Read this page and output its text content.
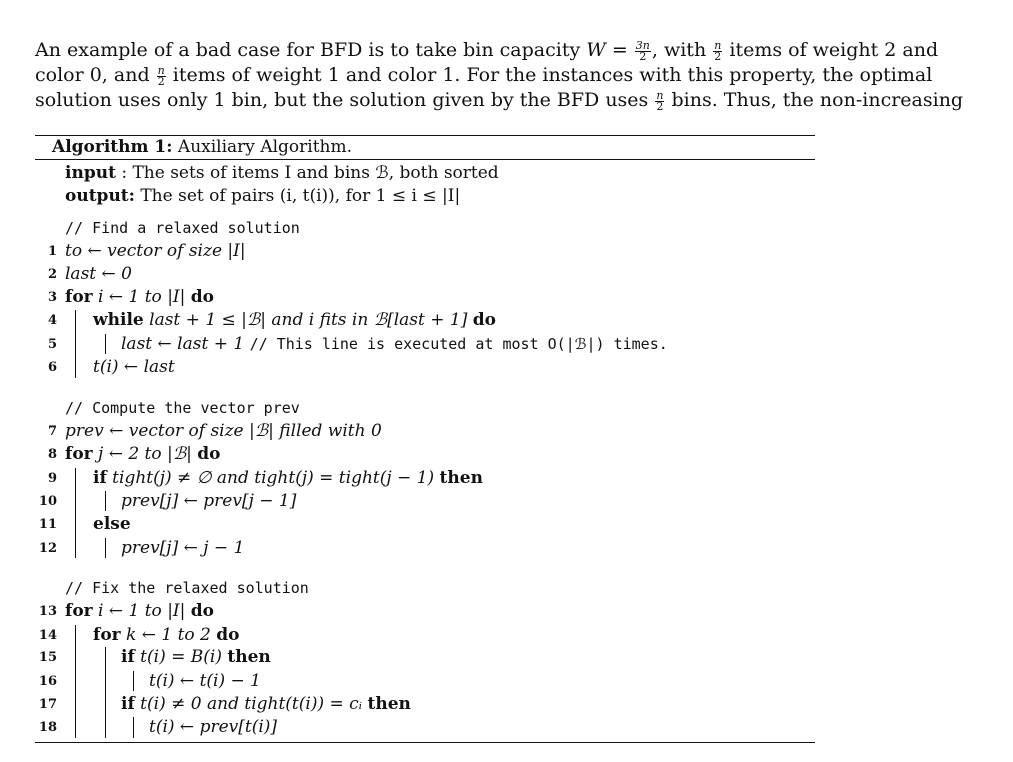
An example of a bad case for BFD is to take bin capacity $W = \frac{3n}{2}$ , with $\frac{n}{2}$ items of weight 2 and
color 0, and $\frac{n}{2}$ items of weight 1 and color 1. For the instances with this property, the optimal
solution uses only 1 bin, but the solution given by the BFD uses $\frac{n}{2}$ bins. Thus, the non-increasing
Algorithm 1: Auxiliary Algorithm.
input : The sets of items I and bins ℬ, both sorted
output: The set of pairs (i, t(i)), for 1 ≤ i ≤ |I|
// Find a relaxed solution
// Compute the vector prev
// Fix the relaxed solution
1 to ← vector of size |I|
2 last ← 0
3 for i ← 1 to |I| do
4 while last + 1 ≤ |ℬ| and i fits in ℬ[last + 1] do
5	last ← last + 1 // This line is executed at most O(|ℬ|) times.
6 t(i) ← last
7 prev ← vector of size |ℬ| filled with 0
8 for j ← 2 to |ℬ| do
9 if tight(j) ≠ ∅ and tight(j) = tight(j − 1) then
10	prev[j] ← prev[j − 1]
11 else
12	prev[j] ← j − 1
13 for i ← 1 to |I| do
14 for k ← 1 to 2 do
15	if t(i) = B(i) then
16	t(i) ← t(i) − 1
17	if t(i) ≠ 0 and tight(t(i)) = cᵢ then
18	t(i) ← prev[t(i)]
